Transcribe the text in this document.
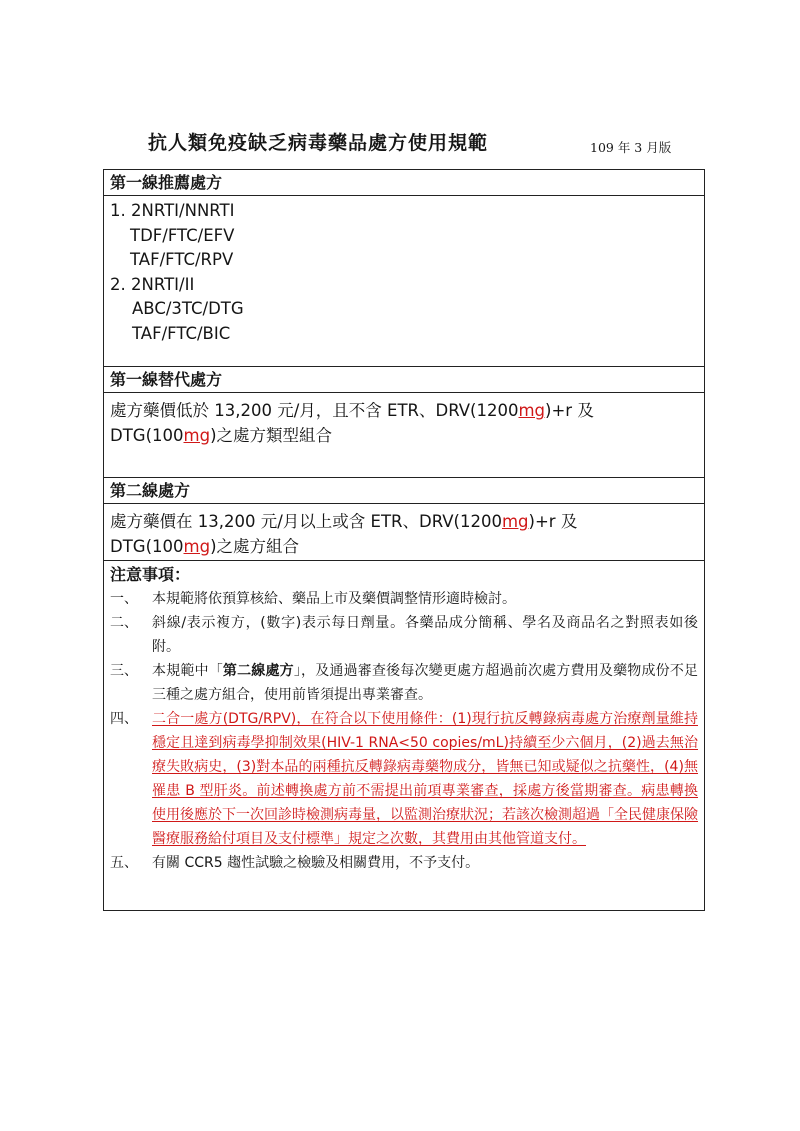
抗人類免疫缺乏病毒藥品處方使用規範	109 年 3 月版
第一線推薦處方
1. 2NRTI/NNRTI
TDF/FTC/EFV
TAF/FTC/RPV
2. 2NRTI/II
ABC/3TC/DTG
TAF/FTC/BIC
第一線替代處方
處方藥價低於 13,200 元/月，且不含 ETR、DRV(1200mg)+r 及
DTG(100mg)之處方類型組合
第二線處方
處方藥價在 13,200 元/月以上或含 ETR、DRV(1200mg)+r 及
DTG(100mg)之處方組合
注意事項：
一、	本規範將依預算核給、藥品上市及藥價調整情形適時檢討。
二、	斜線/表示複方，(數字)表示每日劑量。各藥品成分簡稱、學名及商品名之對照表如後附。
三、	本規範中「第二線處方」，及通過審查後每次變更處方超過前次處方費用及藥物成份不足三種之處方組合，使用前皆須提出專業審查。
四、	二合一處方(DTG/RPV)，在符合以下使用條件：(1)現行抗反轉錄病毒處方治療劑量維持穩定且達到病毒學抑制效果(HIV-1 RNA<50 copies/mL)持續至少六個月，(2)過去無治療失敗病史，(3)對本品的兩種抗反轉錄病毒藥物成分，皆無已知或疑似之抗藥性，(4)無罹患 B 型肝炎。前述轉換處方前不需提出前項專業審查，採處方後當期審查。病患轉換使用後應於下一次回診時檢測病毒量，以監測治療狀況；若該次檢測超過「全民健康保險醫療服務給付項目及支付標準」規定之次數，其費用由其他管道支付。
五、	有關 CCR5 趨性試驗之檢驗及相關費用，不予支付。
